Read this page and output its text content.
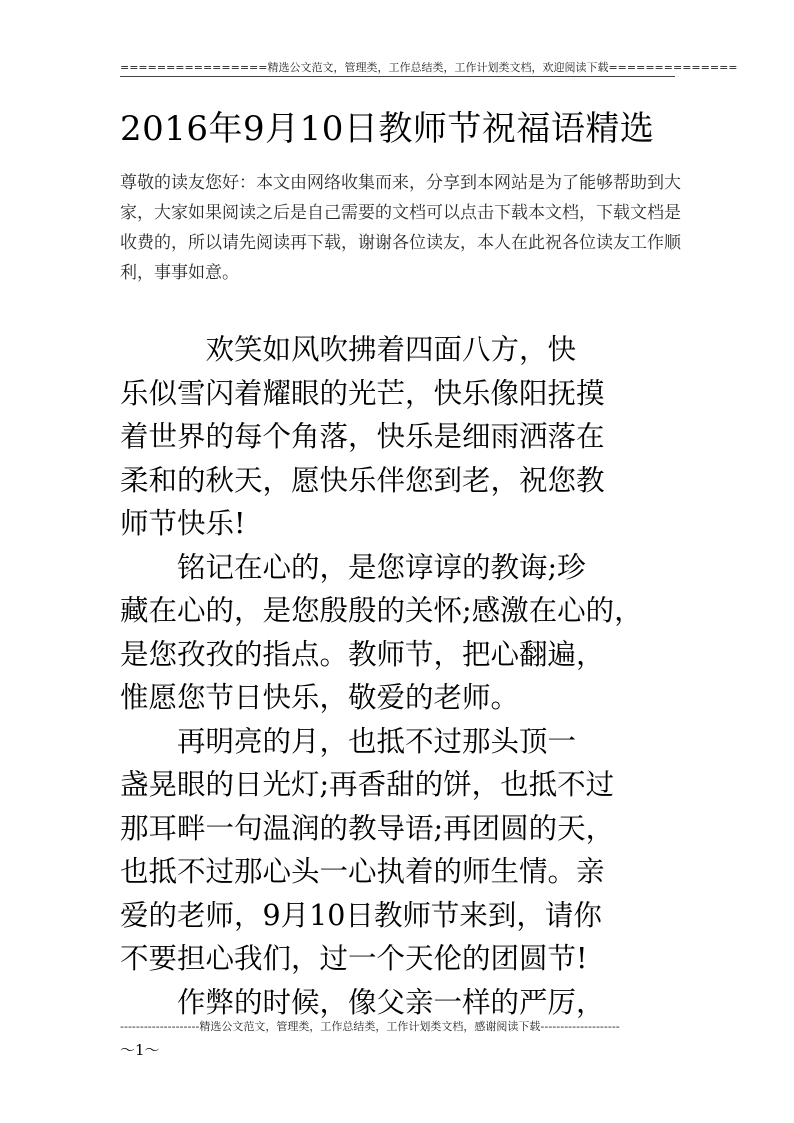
================精选公文范文，管理类，工作总结类，工作计划类文档，欢迎阅读下载==============
2016年9月10日教师节祝福语精选
尊敬的读友您好：本文由网络收集而来，分享到本网站是为了能够帮助到大
家，大家如果阅读之后是自己需要的文档可以点击下载本文档，下载文档是
收费的，所以请先阅读再下载，谢谢各位读友，本人在此祝各位读友工作顺
利，事事如意。
　　　欢笑如风吹拂着四面八方，快
乐似雪闪着耀眼的光芒，快乐像阳抚摸
着世界的每个角落，快乐是细雨洒落在
柔和的秋天，愿快乐伴您到老，祝您教
师节快乐!
　　铭记在心的，是您谆谆的教诲;珍
藏在心的，是您殷殷的关怀;感激在心的，
是您孜孜的指点。教师节，把心翻遍，
惟愿您节日快乐，敬爱的老师。
　　再明亮的月，也抵不过那头顶一
盏晃眼的日光灯;再香甜的饼，也抵不过
那耳畔一句温润的教导语;再团圆的天，
也抵不过那心头一心执着的师生情。亲
爱的老师，9月10日教师节来到，请你
不要担心我们，过一个天伦的团圆节!
　　作弊的时候，像父亲一样的严厉，
--------------------精选公文范文，管理类，工作总结类，工作计划类文档，感谢阅读下载--------------------
～1～
